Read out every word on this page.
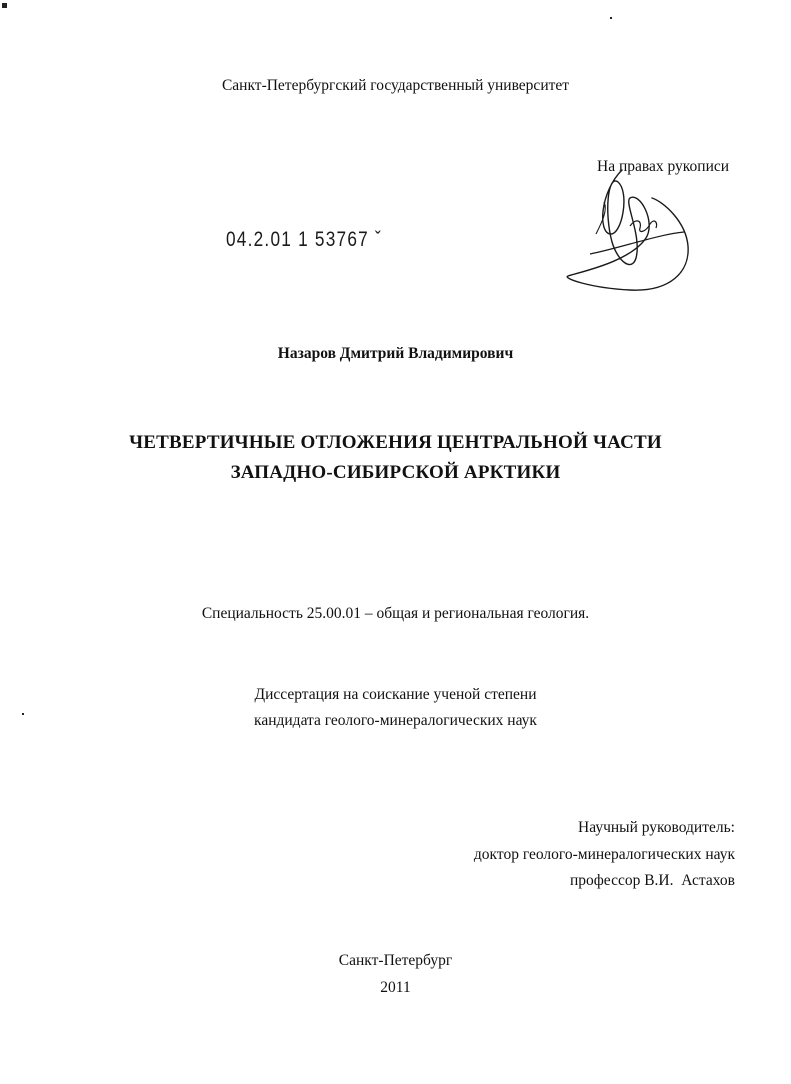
Санкт-Петербургский государственный университет
На правах рукописи
04.2.01 1 53767 ˇ
Назаров Дмитрий Владимирович
ЧЕТВЕРТИЧНЫЕ ОТЛОЖЕНИЯ ЦЕНТРАЛЬНОЙ ЧАСТИ
ЗАПАДНО-СИБИРСКОЙ АРКТИКИ
Специальность 25.00.01 – общая и региональная геология.
Диссертация на соискание ученой степени
кандидата геолого-минералогических наук
Научный руководитель:
доктор геолого-минералогических наук
профессор В.И.  Астахов
Санкт-Петербург
2011
